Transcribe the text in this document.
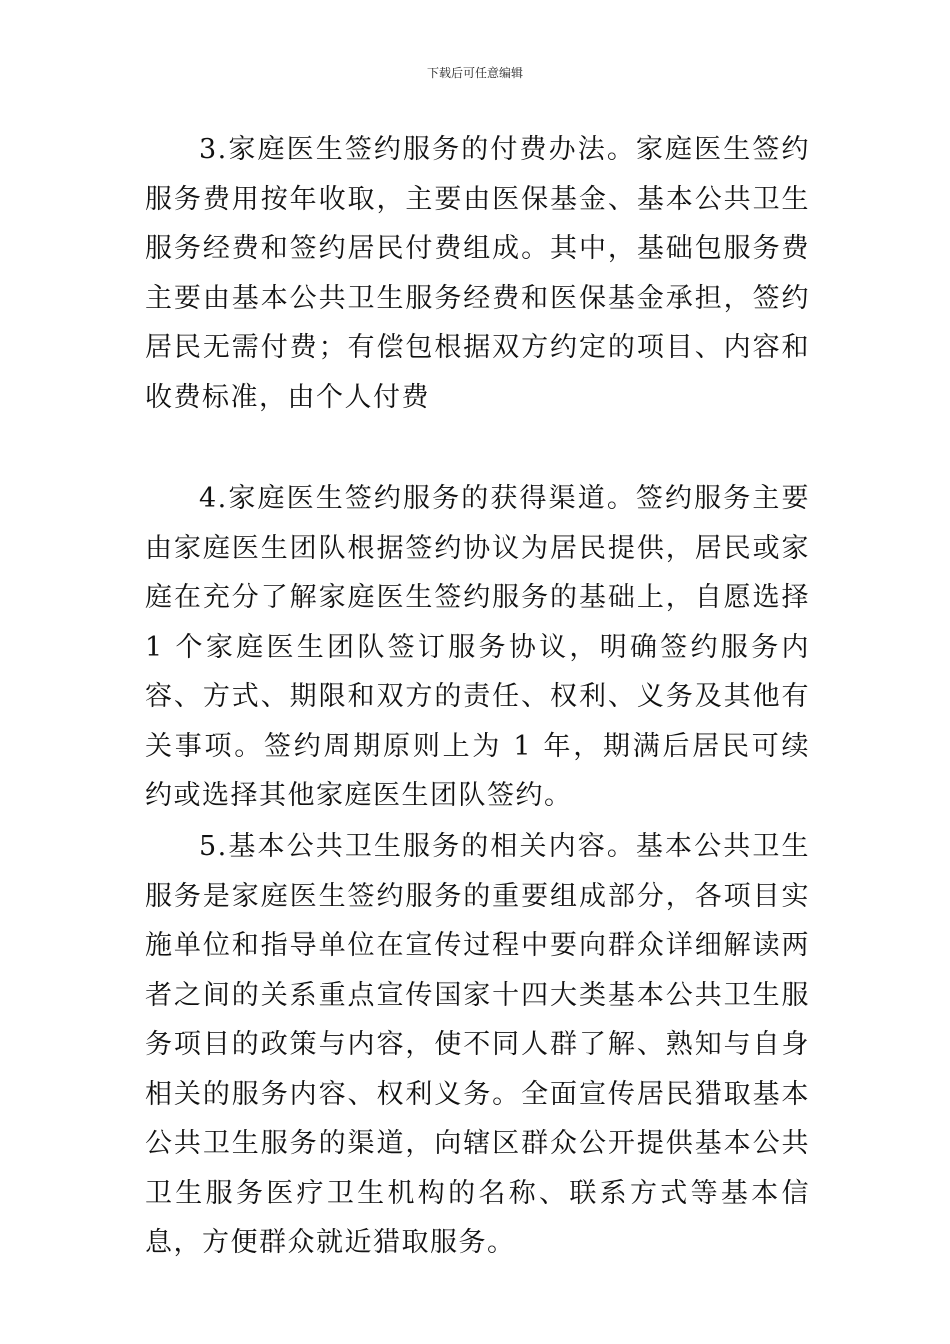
下载后可任意编辑

3.家庭医生签约服务的付费办法。家庭医生签约服务费用按年收取，主要由医保基金、基本公共卫生服务经费和签约居民付费组成。其中，基础包服务费主要由基本公共卫生服务经费和医保基金承担，签约居民无需付费；有偿包根据双方约定的项目、内容和收费标准，由个人付费

4.家庭医生签约服务的获得渠道。签约服务主要由家庭医生团队根据签约协议为居民提供，居民或家庭在充分了解家庭医生签约服务的基础上，自愿选择 1 个家庭医生团队签订服务协议，明确签约服务内容、方式、期限和双方的责任、权利、义务及其他有关事项。签约周期原则上为 1 年，期满后居民可续约或选择其他家庭医生团队签约。

5.基本公共卫生服务的相关内容。基本公共卫生服务是家庭医生签约服务的重要组成部分，各项目实施单位和指导单位在宣传过程中要向群众详细解读两者之间的关系重点宣传国家十四大类基本公共卫生服务项目的政策与内容，使不同人群了解、熟知与自身相关的服务内容、权利义务。全面宣传居民猎取基本公共卫生服务的渠道，向辖区群众公开提供基本公共卫生服务医疗卫生机构的名称、联系方式等基本信息，方便群众就近猎取服务。
